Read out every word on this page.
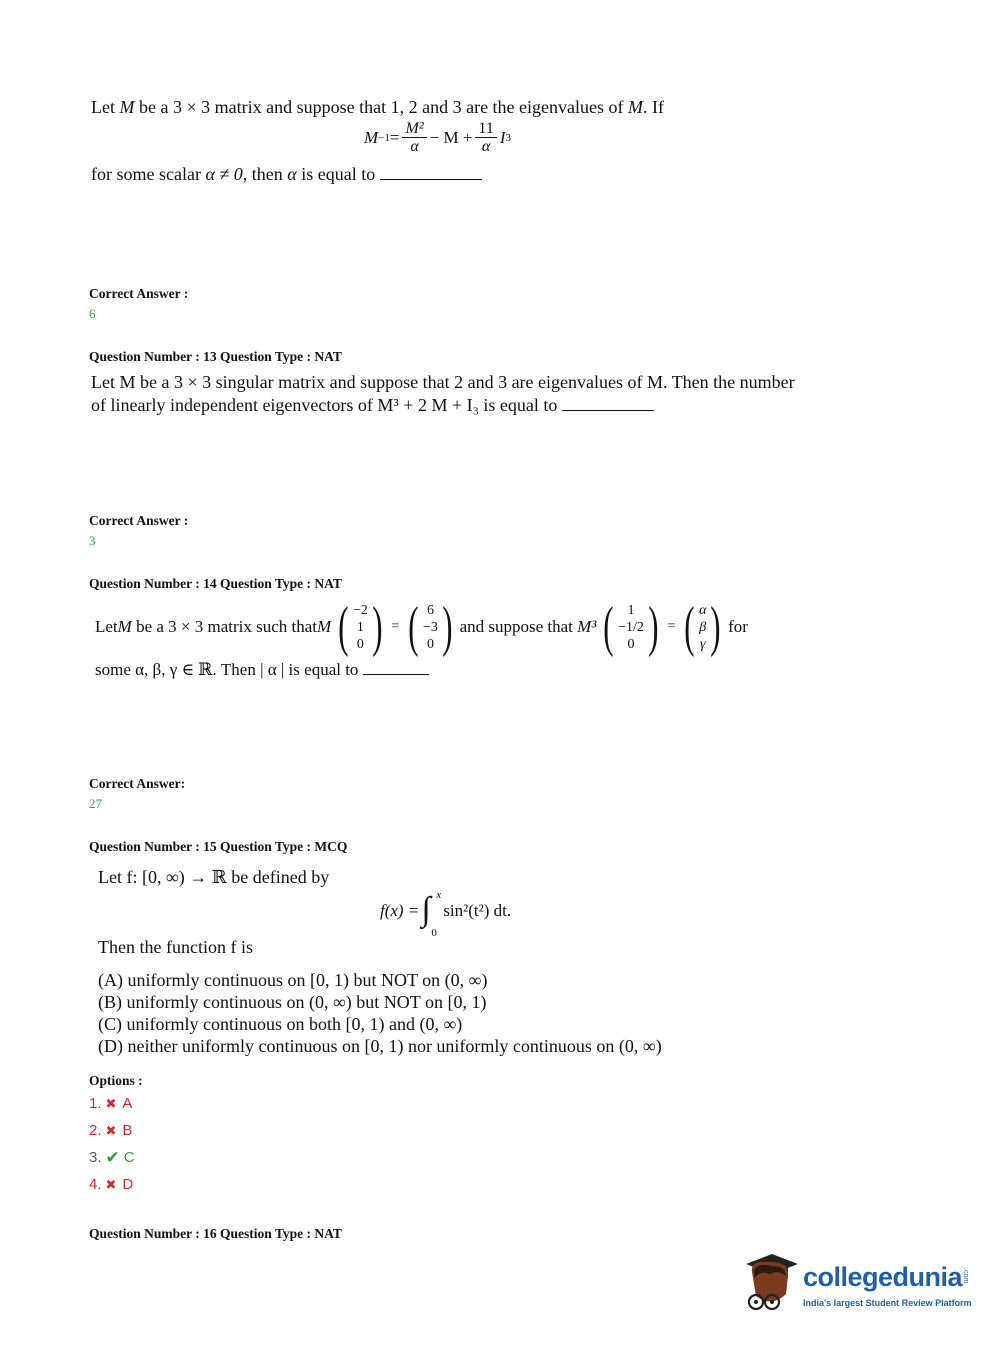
Let M be a 3 × 3 matrix and suppose that 1, 2 and 3 are the eigenvalues of M. If
$M -1 = \frac{\text{M²}}{\alpha} - M + \frac{11}{\alpha}$ I 3
for some scalar α ≠ 0, then α is equal to
Correct Answer :
6
Question Number : 13 Question Type : NAT
Let M be a 3 × 3 singular matrix and suppose that 2 and 3 are eigenvalues of M. Then the number
of linearly independent eigenvectors of M³ + 2 M + I₃ is equal to
Correct Answer :
3
Question Number : 14 Question Type : NAT
Let M
be a 3 × 3 matrix such that M ( −2
1
0 ) = ( 6
−3
0 ) and suppose that
M³ ( 1
−1/2
0 ) = ( α
β
γ ) for
some α, β, γ ∈ ℝ. Then | α | is equal to
Correct Answer:
27
Question Number : 15 Question Type : MCQ
Let f: [0, ∞) → ℝ be defined by
f(x) = ∫ x
0
sin²(t²) dt.
Then the function f is
(A) uniformly continuous on [0, 1) but NOT on (0, ∞)
(B) uniformly continuous on (0, ∞) but NOT on [0, 1)
(C) uniformly continuous on both [0, 1) and (0, ∞)
(D) neither uniformly continuous on [0, 1) nor uniformly continuous on (0, ∞)
Options :
1. ✖ A
2. ✖ B
3. ✔ C
4. ✖ D
Question Number : 16 Question Type : NAT
collegedunia .com
India's largest Student Review Platform
